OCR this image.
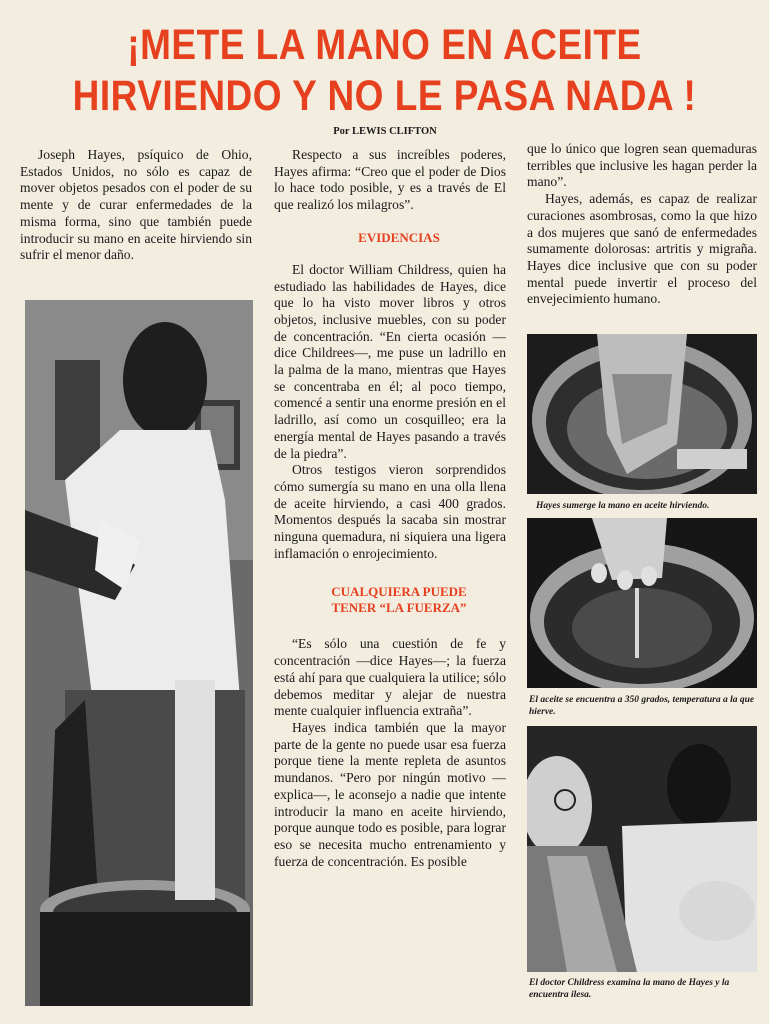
¡METE LA MANO EN ACEITE
HIRVIENDO Y NO LE PASA NADA !
Por LEWIS CLIFTON

Joseph Hayes, psíquico de Ohio, Estados Unidos, no sólo es capaz de mover objetos pesados con el poder de su mente y de curar enfermedades de la misma forma, sino que también puede introducir su mano en aceite hirviendo sin sufrir el menor daño.

Respecto a sus increíbles poderes, Hayes afirma: “Creo que el poder de Dios lo hace todo posible, y es a través de El que realizó los milagros”.

EVIDENCIAS

El doctor William Childress, quien ha estudiado las habilidades de Hayes, dice que lo ha visto mover libros y otros objetos, inclusive muebles, con su poder de concentración. “En cierta ocasión —dice Childrees—, me puse un ladrillo en la palma de la mano, mientras que Hayes se concentraba en él; al poco tiempo, comencé a sentir una enorme presión en el ladrillo, así como un cosquilleo; era la energía mental de Hayes pasando a través de la piedra”.

Otros testigos vieron sorprendidos cómo sumergía su mano en una olla llena de aceite hirviendo, a casi 400 grados. Momentos después la sacaba sin mostrar ninguna quemadura, ni siquiera una ligera inflamación o enrojecimiento.

CUALQUIERA PUEDE

TENER “LA FUERZA”

“Es sólo una cuestión de fe y concentración —dice Hayes—; la fuerza está ahí para que cualquiera la utilice; sólo debemos meditar y alejar de nuestra mente cualquier influencia extraña”.

Hayes indica también que la mayor parte de la gente no puede usar esa fuerza porque tiene la mente repleta de asuntos mundanos. “Pero por ningún motivo —explica—, le aconsejo a nadie que intente introducir la mano en aceite hirviendo, porque aunque todo es posible, para lograr eso se necesita mucho entrenamiento y fuerza de concentración. Es posible

que lo único que logren sean quemaduras terribles que inclusive les hagan perder la mano”.

Hayes, además, es capaz de realizar curaciones asombrosas, como la que hizo a dos mujeres que sanó de enfermedades sumamente dolorosas: artritis y migraña. Hayes dice inclusive que con su poder mental puede invertir el proceso del envejecimiento humano.

Hayes sumerge la mano en aceite hirviendo.
El aceite se encuentra a 350 grados, temperatura a la que hierve.
El doctor Childress examina la mano de Hayes y la encuentra ilesa.
